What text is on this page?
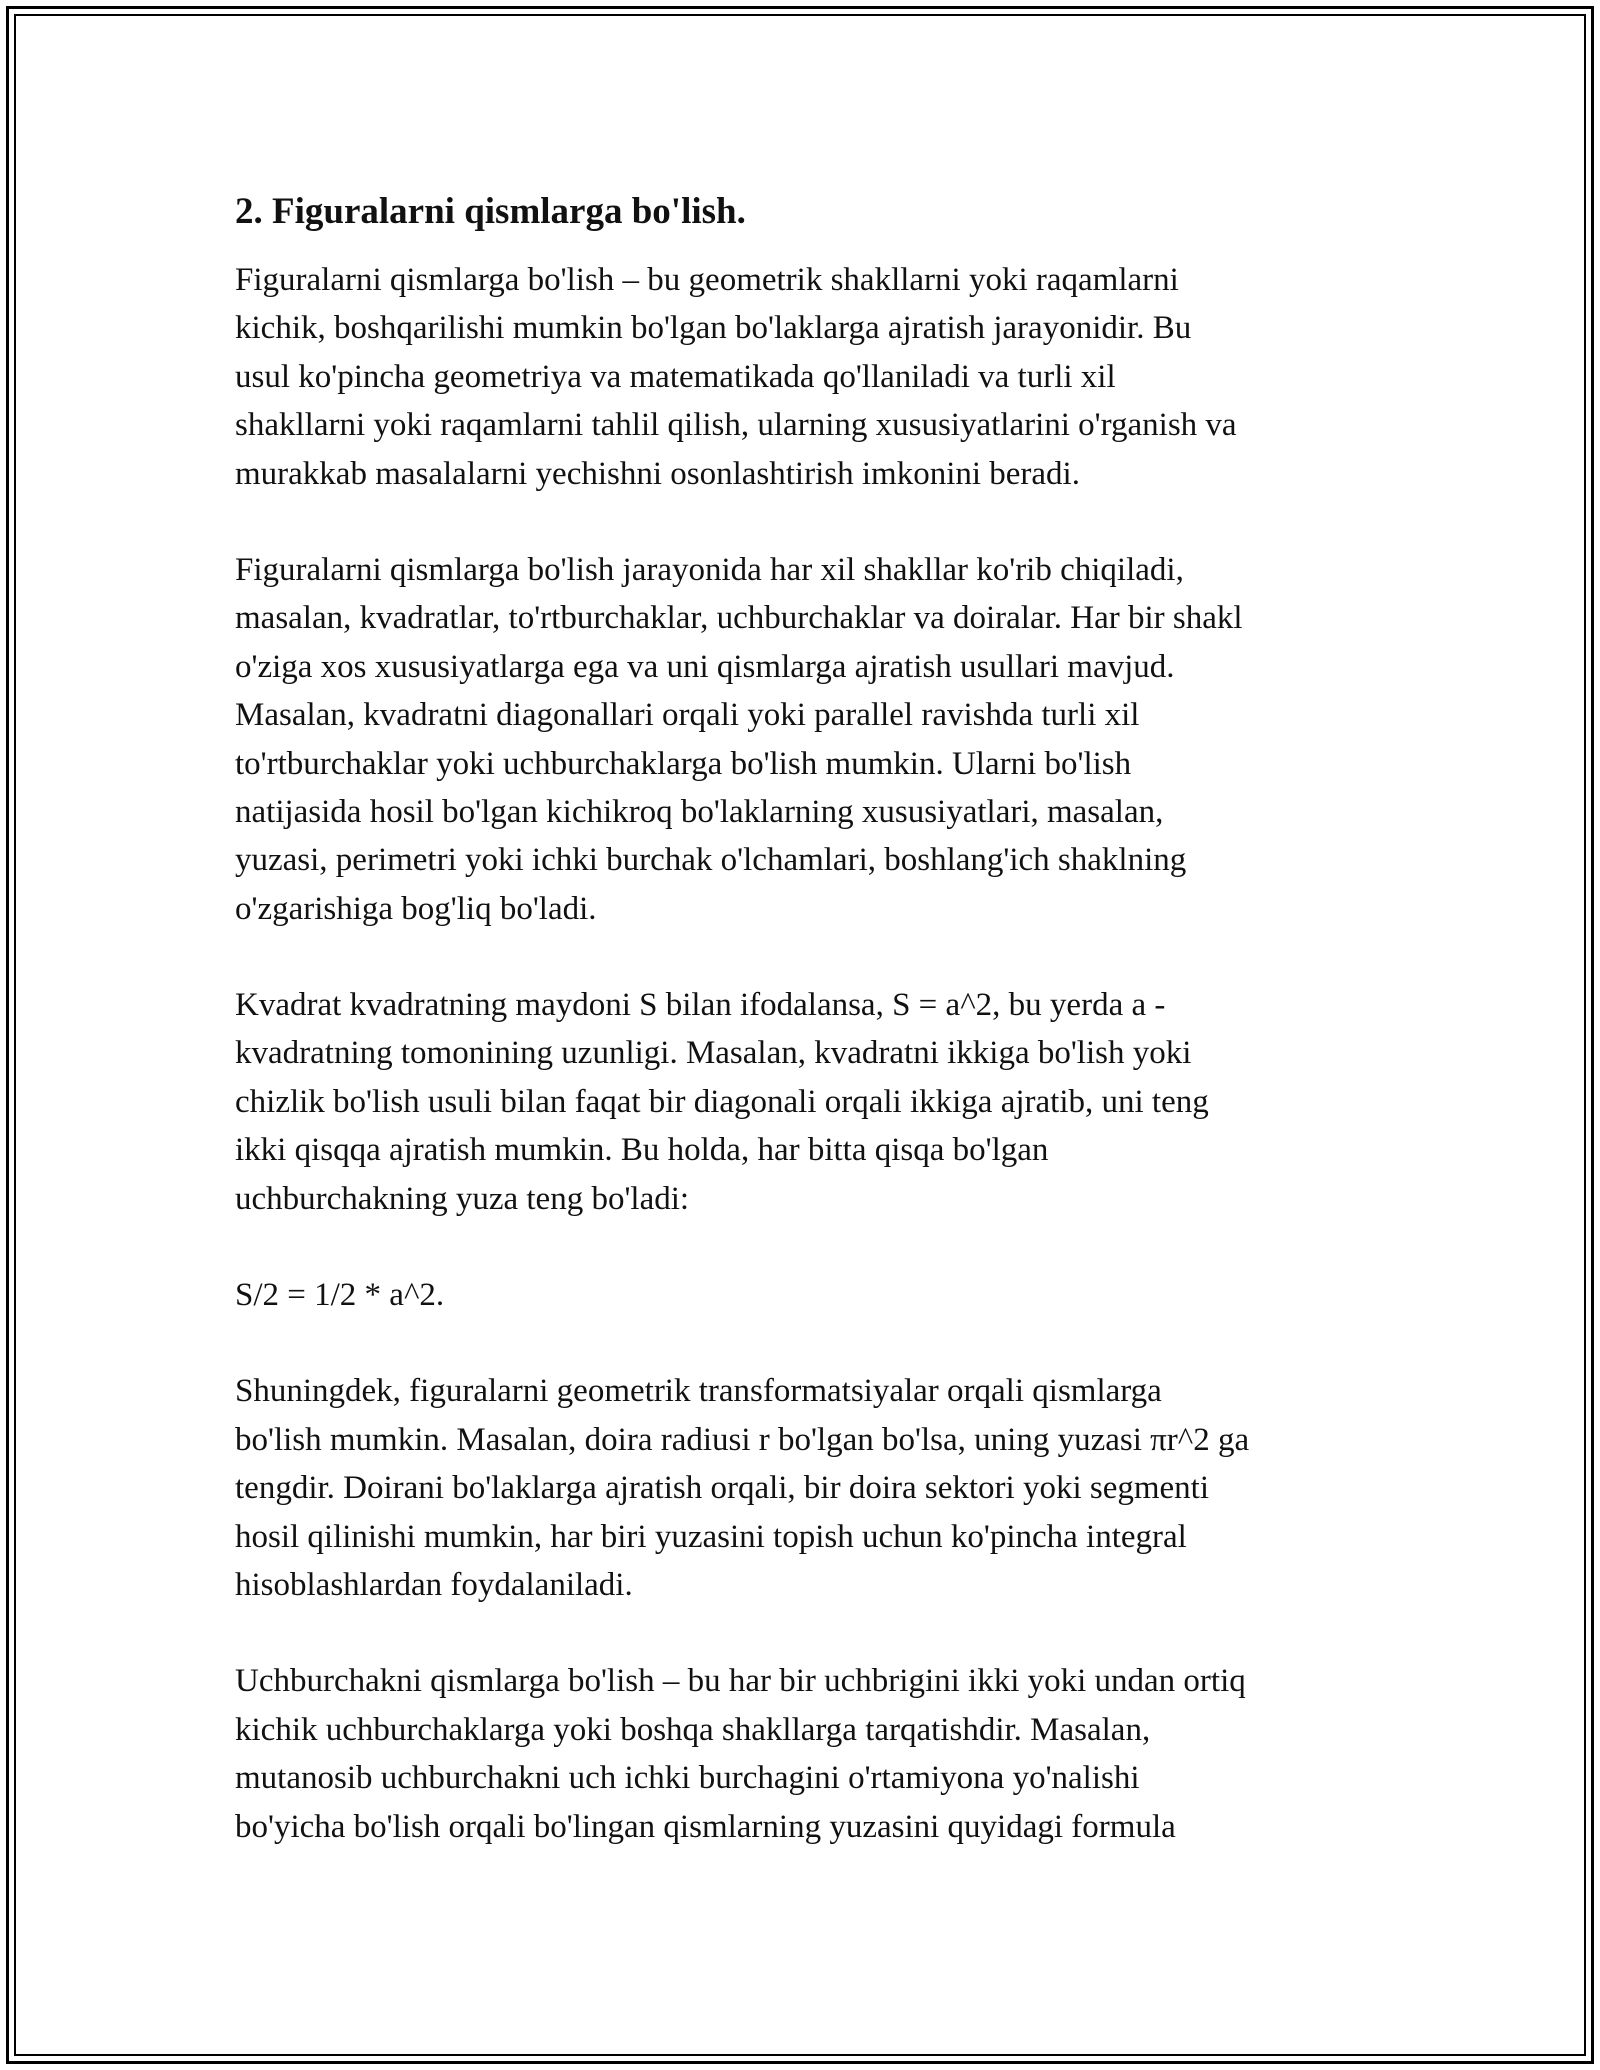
2. Figuralarni qismlarga bo'lish.

Figuralarni qismlarga bo'lish – bu geometrik shakllarni yoki raqamlarni
kichik, boshqarilishi mumkin bo'lgan bo'laklarga ajratish jarayonidir. Bu
usul ko'pincha geometriya va matematikada qo'llaniladi va turli xil
shakllarni yoki raqamlarni tahlil qilish, ularning xususiyatlarini o'rganish va
murakkab masalalarni yechishni osonlashtirish imkonini beradi.

Figuralarni qismlarga bo'lish jarayonida har xil shakllar ko'rib chiqiladi,
masalan, kvadratlar, to'rtburchaklar, uchburchaklar va doiralar. Har bir shakl
o'ziga xos xususiyatlarga ega va uni qismlarga ajratish usullari mavjud.
Masalan, kvadratni diagonallari orqali yoki parallel ravishda turli xil
to'rtburchaklar yoki uchburchaklarga bo'lish mumkin. Ularni bo'lish
natijasida hosil bo'lgan kichikroq bo'laklarning xususiyatlari, masalan,
yuzasi, perimetri yoki ichki burchak o'lchamlari, boshlang'ich shaklning
o'zgarishiga bog'liq bo'ladi.

Kvadrat kvadratning maydoni S bilan ifodalansa, S = a^2, bu yerda a -
kvadratning tomonining uzunligi. Masalan, kvadratni ikkiga bo'lish yoki
chizlik bo'lish usuli bilan faqat bir diagonali orqali ikkiga ajratib, uni teng
ikki qisqqa ajratish mumkin. Bu holda, har bitta qisqa bo'lgan
uchburchakning yuza teng bo'ladi:

S/2 = 1/2 * a^2.

Shuningdek, figuralarni geometrik transformatsiyalar orqali qismlarga
bo'lish mumkin. Masalan, doira radiusi r bo'lgan bo'lsa, uning yuzasi πr^2 ga
tengdir. Doirani bo'laklarga ajratish orqali, bir doira sektori yoki segmenti
hosil qilinishi mumkin, har biri yuzasini topish uchun ko'pincha integral
hisoblashlardan foydalaniladi.

Uchburchakni qismlarga bo'lish – bu har bir uchbrigini ikki yoki undan ortiq
kichik uchburchaklarga yoki boshqa shakllarga tarqatishdir. Masalan,
mutanosib uchburchakni uch ichki burchagini o'rtamiyona yo'nalishi
bo'yicha bo'lish orqali bo'lingan qismlarning yuzasini quyidagi formula
